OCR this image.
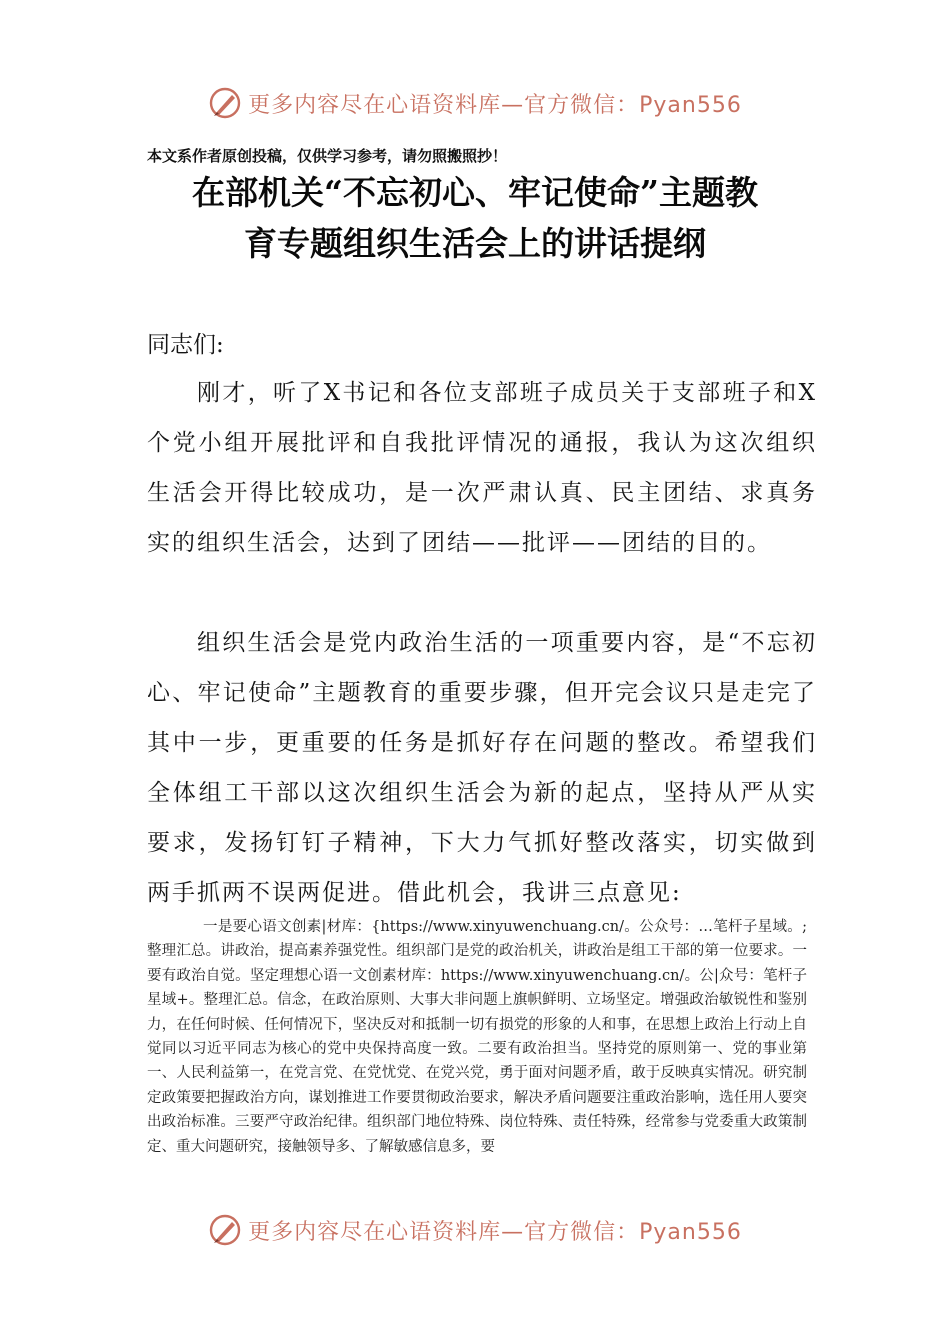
更多内容尽在心语资料库—官方微信：Pyan556
本文系作者原创投稿，仅供学习参考，请勿照搬照抄！
在部机关“不忘初心、牢记使命”主题教
育专题组织生活会上的讲话提纲
同志们:
刚才，听了X书记和各位支部班子成员关于支部班子和X个党小组开展批评和自我批评情况的通报，我认为这次组织生活会开得比较成功，是一次严肃认真、民主团结、求真务实的组织生活会，达到了团结——批评——团结的目的。
组织生活会是党内政治生活的一项重要内容，是“不忘初心、牢记使命”主题教育的重要步骤，但开完会议只是走完了其中一步，更重要的任务是抓好存在问题的整改。希望我们全体组工干部以这次组织生活会为新的起点，坚持从严从实要求，发扬钉钉子精神，下大力气抓好整改落实，切实做到两手抓两不误两促进。借此机会，我讲三点意见:
一是要心语文创素|材库：{https://www.xinyuwenchuang.cn/。公众号：…笔杆子星域。;整理汇总。讲政治，提高素养强党性。组织部门是党的政治机关，讲政治是组工干部的第一位要求。一要有政治自觉。坚定理想心语一文创素材库：https://www.xinyuwenchuang.cn/。公|众号：笔杆子星域+。整理汇总。信念，在政治原则、大事大非问题上旗帜鲜明、立场坚定。增强政治敏锐性和鉴别力，在任何时候、任何情况下，坚决反对和抵制一切有损党的形象的人和事，在思想上政治上行动上自觉同以习近平同志为核心的党中央保持高度一致。二要有政治担当。坚持党的原则第一、党的事业第一、人民利益第一，在党言党、在党忧党、在党兴党，勇于面对问题矛盾，敢于反映真实情况。研究制定政策要把握政治方向，谋划推进工作要贯彻政治要求，解决矛盾问题要注重政治影响，选任用人要突出政治标准。三要严守政治纪律。组织部门地位特殊、岗位特殊、责任特殊，经常参与党委重大政策制定、重大问题研究，接触领导多、了解敏感信息多，要
更多内容尽在心语资料库—官方微信：Pyan556
